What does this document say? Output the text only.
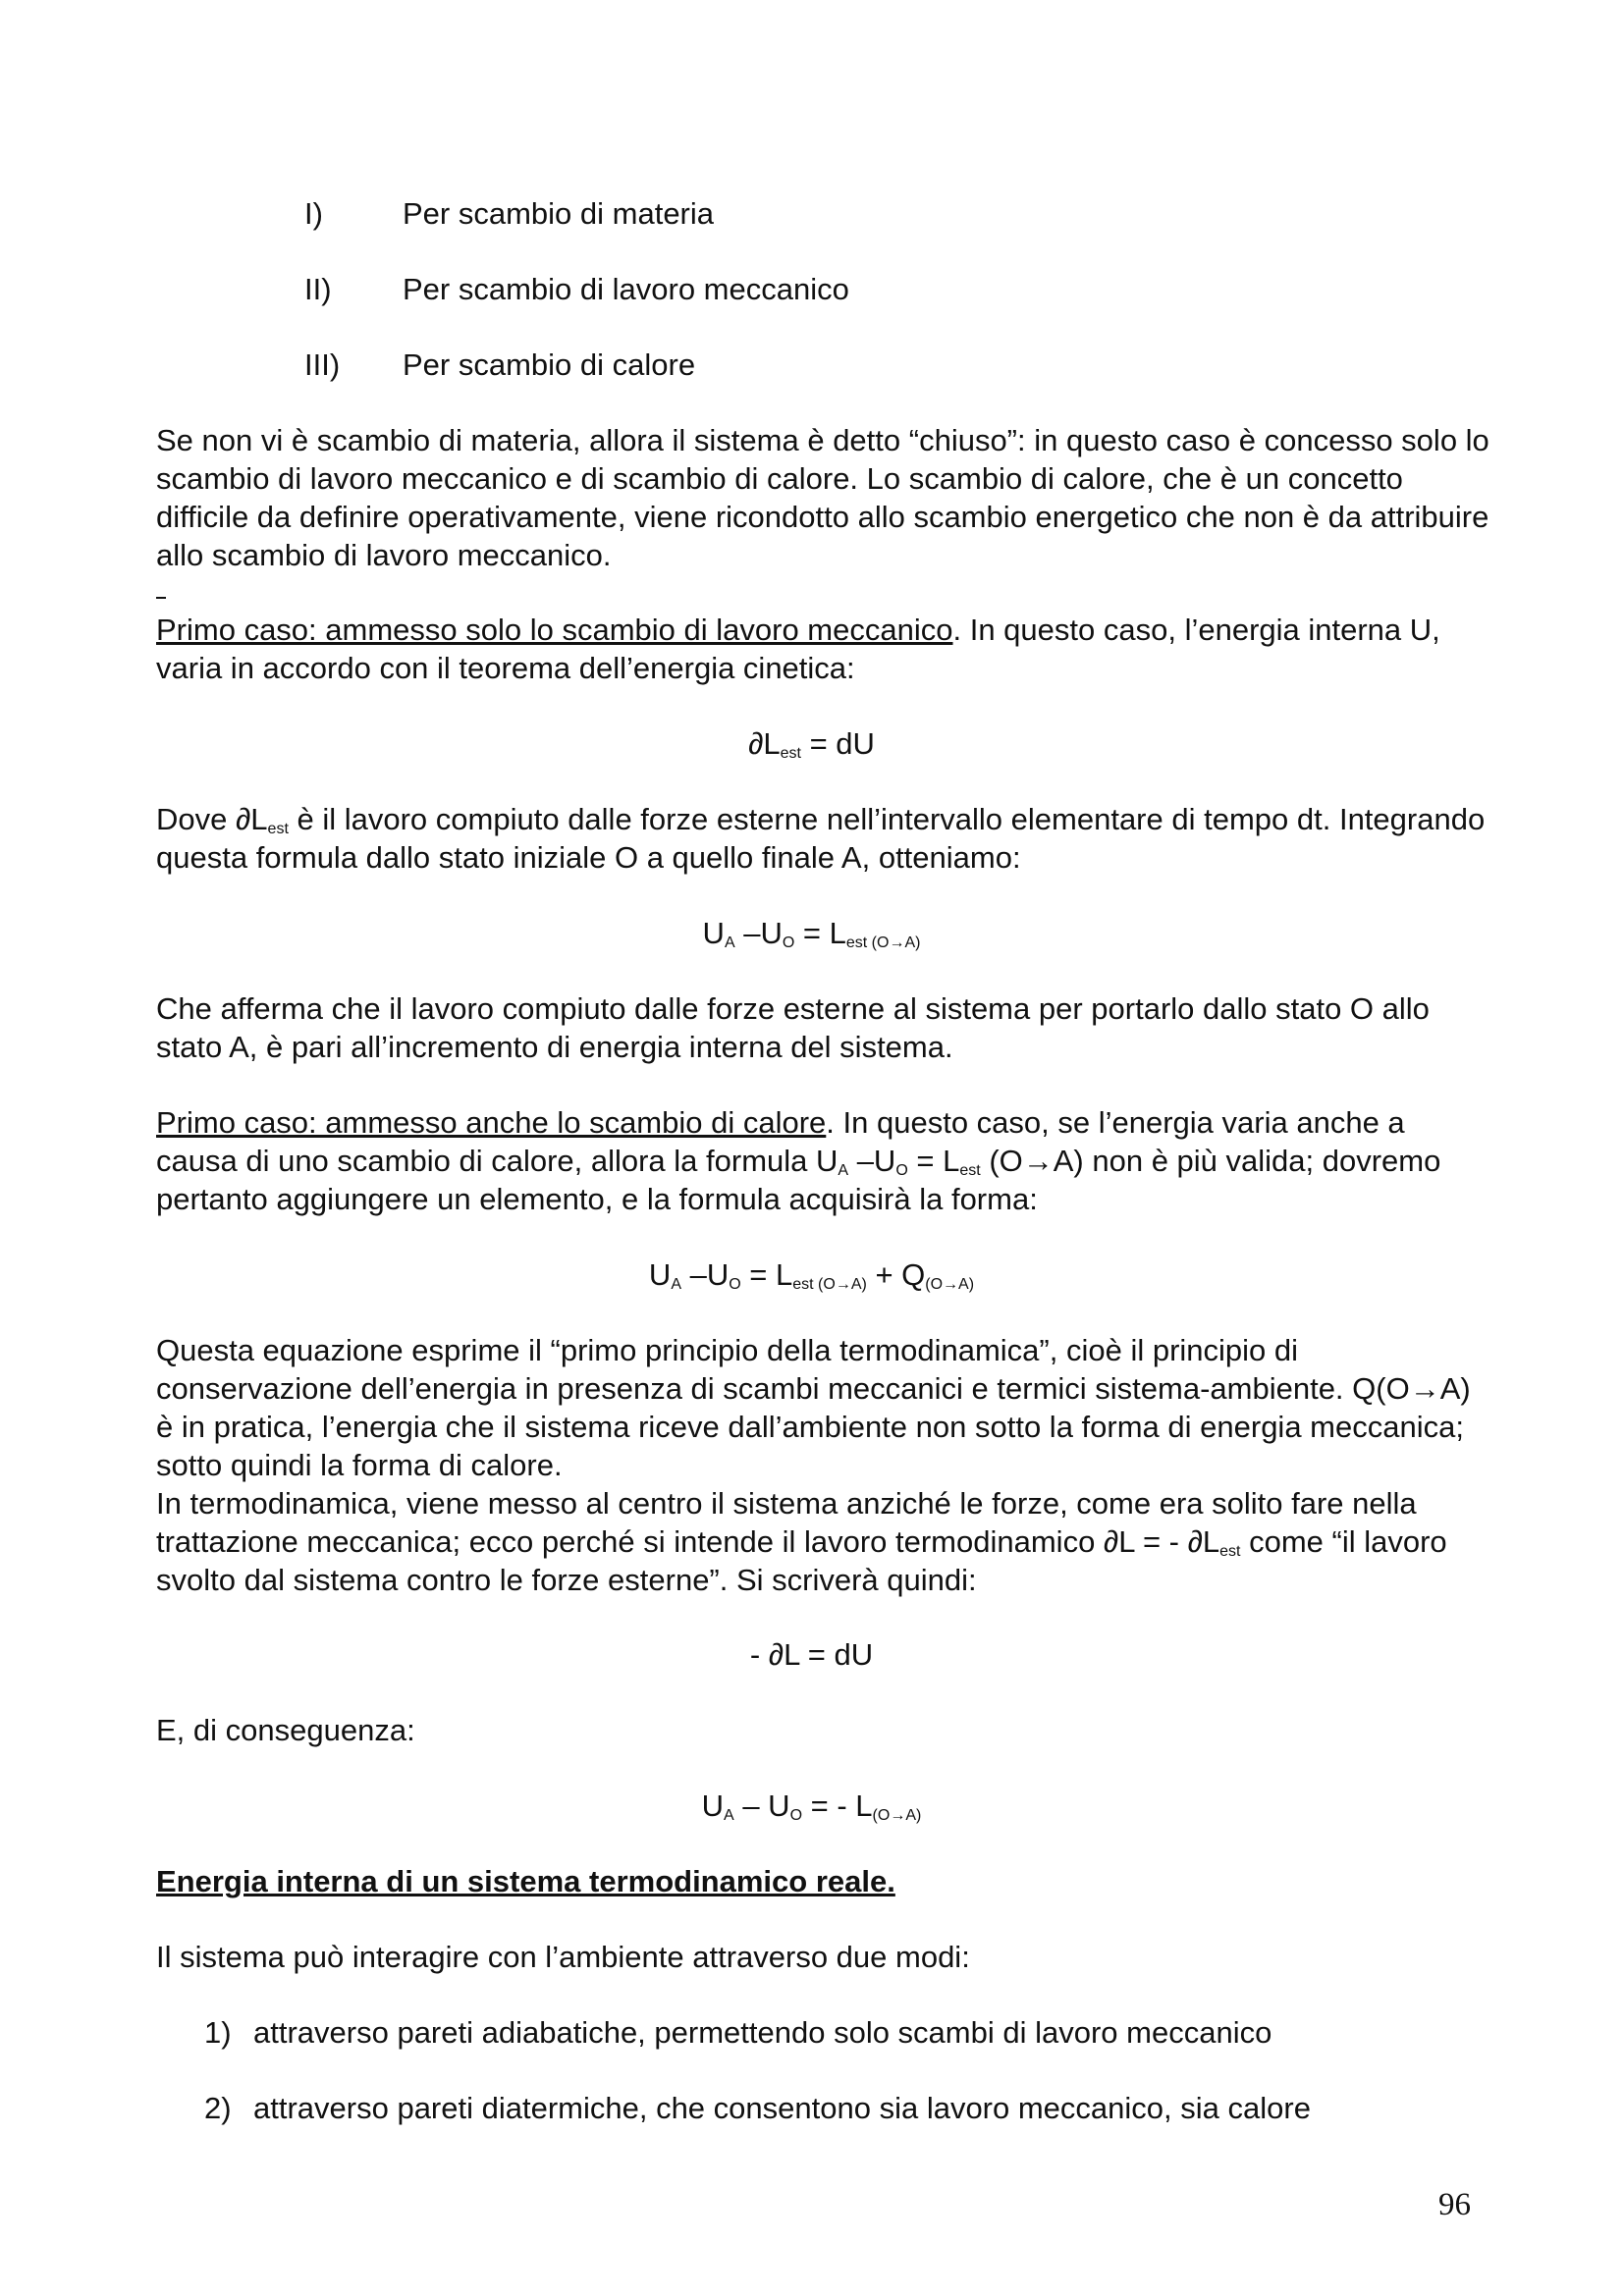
I)	Per scambio di materia
II) Per scambio di lavoro meccanico
III) Per scambio di calore
Se non vi è scambio di materia, allora il sistema è detto “chiuso”: in questo caso è concesso solo lo scambio di lavoro meccanico e di scambio di calore. Lo scambio di calore, che è un concetto difficile da definire operativamente, viene ricondotto allo scambio energetico che non è da attribuire allo scambio di lavoro meccanico.
Primo caso: ammesso solo lo scambio di lavoro meccanico. In questo caso, l’energia interna U, varia in accordo con il teorema dell’energia cinetica:
$\partial L_{est}$ = dU
Dove $\partial L_{est}$ è il lavoro compiuto dalle forze esterne nell’intervallo elementare di tempo dt. Integrando questa formula dallo stato iniziale O a quello finale A, otteniamo:
$U_A$ $-U_O = L_{est (O\to A)}$
Che afferma che il lavoro compiuto dalle forze esterne al sistema per portarlo dallo stato O allo stato A, è pari all’incremento di energia interna del sistema.
Primo caso: ammesso anche lo scambio di calore. In questo caso, se l’energia varia anche a causa di uno scambio di calore, allora la formula $U_A$ $-U_O = L_{est}$ (O→A) non è più valida; dovremo pertanto aggiungere un elemento, e la formula acquisirà la forma:
$U_A$ $-U_O = L_{est (O\to A)} + Q_{(O\to A)}$
Questa equazione esprime il “primo principio della termodinamica”, cioè il principio di conservazione dell’energia in presenza di scambi meccanici e termici sistema-ambiente. Q(O→A) è in pratica, l’energia che il sistema riceve dall’ambiente non sotto la forma di energia meccanica; sotto quindi la forma di calore.
In termodinamica, viene messo al centro il sistema anziché le forze, come era solito fare nella trattazione meccanica; ecco perché si intende il lavoro termodinamico ∂L = - $\partial L_{est}$ come “il lavoro svolto dal sistema contro le forze esterne”. Si scriverà quindi:
- ∂L = dU
E, di conseguenza:
$U_A - U_O$ = - $L_{(O\to A)}$
Energia interna di un sistema termodinamico reale.
Il sistema può interagire con l’ambiente attraverso due modi:
1) attraverso pareti adiabatiche, permettendo solo scambi di lavoro meccanico
2) attraverso pareti diatermiche, che consentono sia lavoro meccanico, sia calore
96
